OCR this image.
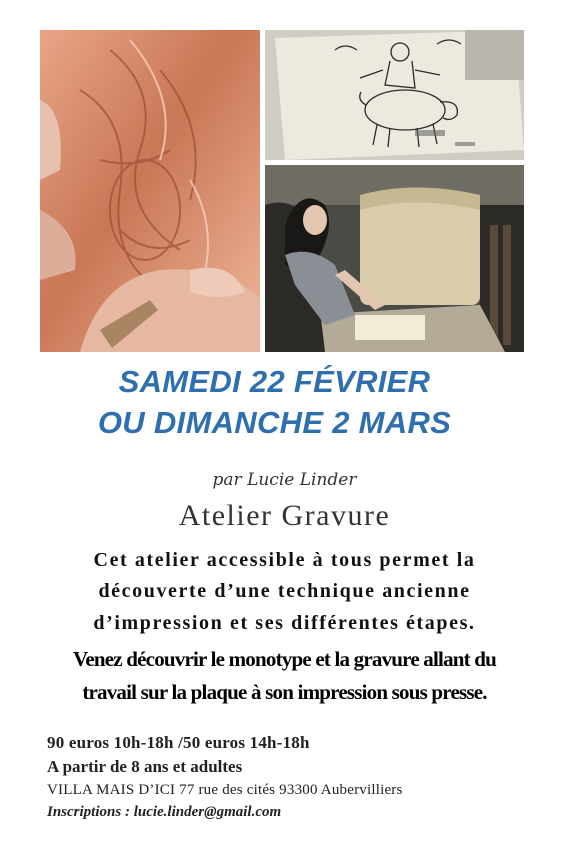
SAMEDI 22 FÉVRIER
OU DIMANCHE 2 MARS
par Lucie Linder
Atelier Gravure
Cet atelier accessible à tous permet la
découverte d’une technique ancienne
d’impression et ses différentes étapes.
Venez découvrir le monotype et la gravure allant du
travail sur la plaque à son impression sous presse.
90 euros 10h-18h /50 euros 14h-18h
A partir de 8 ans et adultes
VILLA MAIS D’ICI 77 rue des cités 93300 Aubervilliers
Inscriptions : lucie.linder@gmail.com
